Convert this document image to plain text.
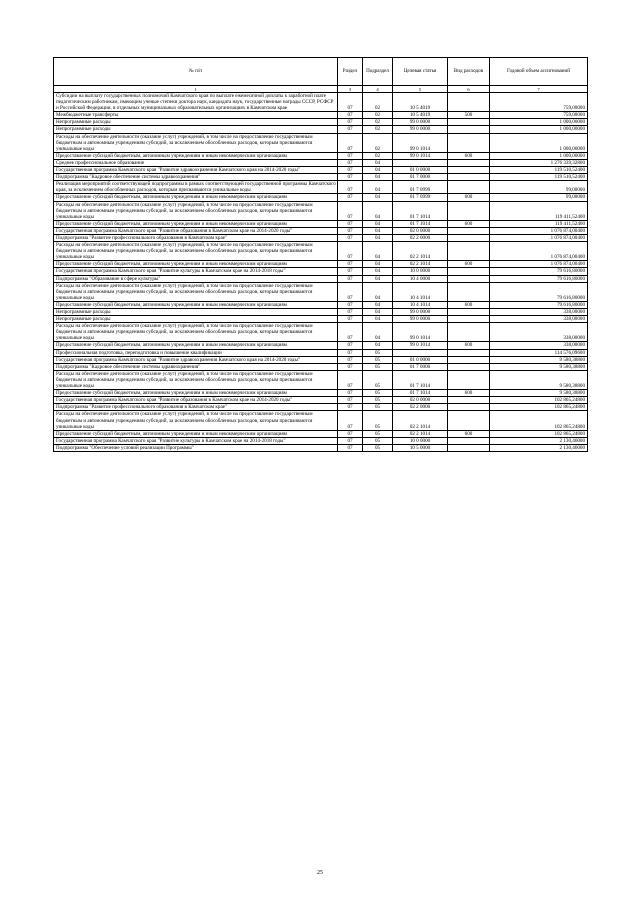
№ п/п	Раздел	Подраздел	Целевая статья	Вид расходов	Годовой объем ассигнований
1	3	4	5	6	7
Субсидии на выплату государственных полномочий Камчатского края по выплате ежемесячной доплаты к заработной плате педагогическим работникам, имеющим ученые степени доктора наук, кандидата наук, государственные награды СССР, РСФСР и Российской Федерации, в отдельных муниципальных образовательных организациях в Камчатском крае	07	02	10 5 4019		759,00000
Межбюджетные трансферты	07	02	10 5 4019	500	759,00000
Непрограммные расходы	07	02	99 0 0000		1 000,00000
Непрограммные расходы	07	02	99 0 0000		1 000,00000
Расходы на обеспечение деятельности (оказание услуг) учреждений, в том числе на предоставление государственным бюджетным и автономным учреждениям субсидий, за исключением обособленных расходов, которым присваиваются уникальные коды	07	02	99 0 1014		1 000,00000
Предоставление субсидий бюджетным, автономным учреждениям и иным некоммерческим организациям	07	02	99 0 1014	600	1 000,00000
Среднее профессиональное образование	07	04			1 276 339,32800
Государственная программа Камчатского края "Развитие здравоохранения Камчатского края на 2014-2020 годы"	07	04	01 0 0000		119 510,52400
Подпрограмма "Кадровое обеспечение системы здравоохранения"	07	04	01 7 0000		119 510,52400
Реализация мероприятий соответствующей подпрограммы в рамках соответствующей государственной программы Камчатского края, за исключением обособленных расходов, которым присваиваются уникальные коды	07	04	01 7 0999		99,00000
Предоставление субсидий бюджетным, автономным учреждениям и иным некоммерческим организациям	07	04	01 7 0999	600	99,00000
Расходы на обеспечение деятельности (оказание услуг) учреждений, в том числе на предоставление государственным бюджетным и автономным учреждениям субсидий, за исключением обособленных расходов, которым присваиваются уникальные коды	07	04	01 7 1014		119 411,52400
Предоставление субсидий бюджетным, автономным учреждениям и иным некоммерческим организациям	07	04	01 7 1014	600	119 411,52400
Государственная программа Камчатского края "Развитие образования в Камчатском крае на 2014-2020 годы"	07	04	02 0 0000		1 076 874,00400
Подпрограмма "Развитие профессионального образования в Камчатском крае"	07	04	02 2 0000		1 076 874,00400
Расходы на обеспечение деятельности (оказание услуг) учреждений, в том числе на предоставление государственным бюджетным и автономным учреждениям субсидий, за исключением обособленных расходов, которым присваиваются уникальные коды	07	04	02 2 1014		1 076 874,00400
Предоставление субсидий бюджетным, автономным учреждениям и иным некоммерческим организациям	07	04	02 2 1014	600	1 076 874,00400
Государственная программа Камчатского края "Развитие культуры в Камчатском крае на 2014-2018 годы"	07	04	10 0 0000		79 616,80000
Подпрограмма "Образование в сфере культуры"	07	04	10 4 0000		79 616,80000
Расходы на обеспечение деятельности (оказание услуг) учреждений, в том числе на предоставление государственным бюджетным и автономным учреждениям субсидий, за исключением обособленных расходов, которым присваиваются уникальные коды	07	04	10 4 1014		79 616,80000
Предоставление субсидий бюджетным, автономным учреждениям и иным некоммерческим организациям	07	04	10 4 1014	600	79 616,80000
Непрограммные расходы	07	04	99 0 0000		338,00000
Непрограммные расходы	07	04	99 0 0000		338,00000
Расходы на обеспечение деятельности (оказание услуг) учреждений, в том числе на предоставление государственным бюджетным и автономным учреждениям субсидий, за исключением обособленных расходов, которым присваиваются уникальные коды	07	04	99 0 1014		338,00000
Предоставление субсидий бюджетным, автономным учреждениям и иным некоммерческим организациям	07	04	99 0 1014	600	338,00000
Профессиональная подготовка, переподготовка и повышение квалификации	07	05			114 576,09600
Государственная программа Камчатского края "Развитие здравоохранения Камчатского края на 2014-2020 годы"	07	05	01 0 0000		9 580,38800
Подпрограмма "Кадровое обеспечение системы здравоохранения"	07	05	01 7 0000		9 580,38800
Расходы на обеспечение деятельности (оказание услуг) учреждений, в том числе на предоставление государственным бюджетным и автономным учреждениям субсидий, за исключением обособленных расходов, которым присваиваются уникальные коды	07	05	01 7 1014		9 580,38800
Предоставление субсидий бюджетным, автономным учреждениям и иным некоммерческим организациям	07	05	01 7 1014	600	9 580,38800
Государственная программа Камчатского края "Развитие образования в Камчатском крае на 2014-2020 годы"	07	05	02 0 0000		102 865,24800
Подпрограмма "Развитие профессионального образования в Камчатском крае"	07	05	02 2 0000		102 865,24800
Расходы на обеспечение деятельности (оказание услуг) учреждений, в том числе на предоставление государственным бюджетным и автономным учреждениям субсидий, за исключением обособленных расходов, которым присваиваются уникальные коды	07	05	02 2 1014		102 865,24800
Предоставление субсидий бюджетным, автономным учреждениям и иным некоммерческим организациям	07	05	02 2 1014	600	102 865,24800
Государственная программа Камчатского края "Развитие культуры в Камчатском крае на 2014-2018 годы"	07	05	10 0 0000		2 130,46000
Подпрограмма "Обеспечение условий реализации Программы"	07	05	10 5 0000		2 130,46000
25
